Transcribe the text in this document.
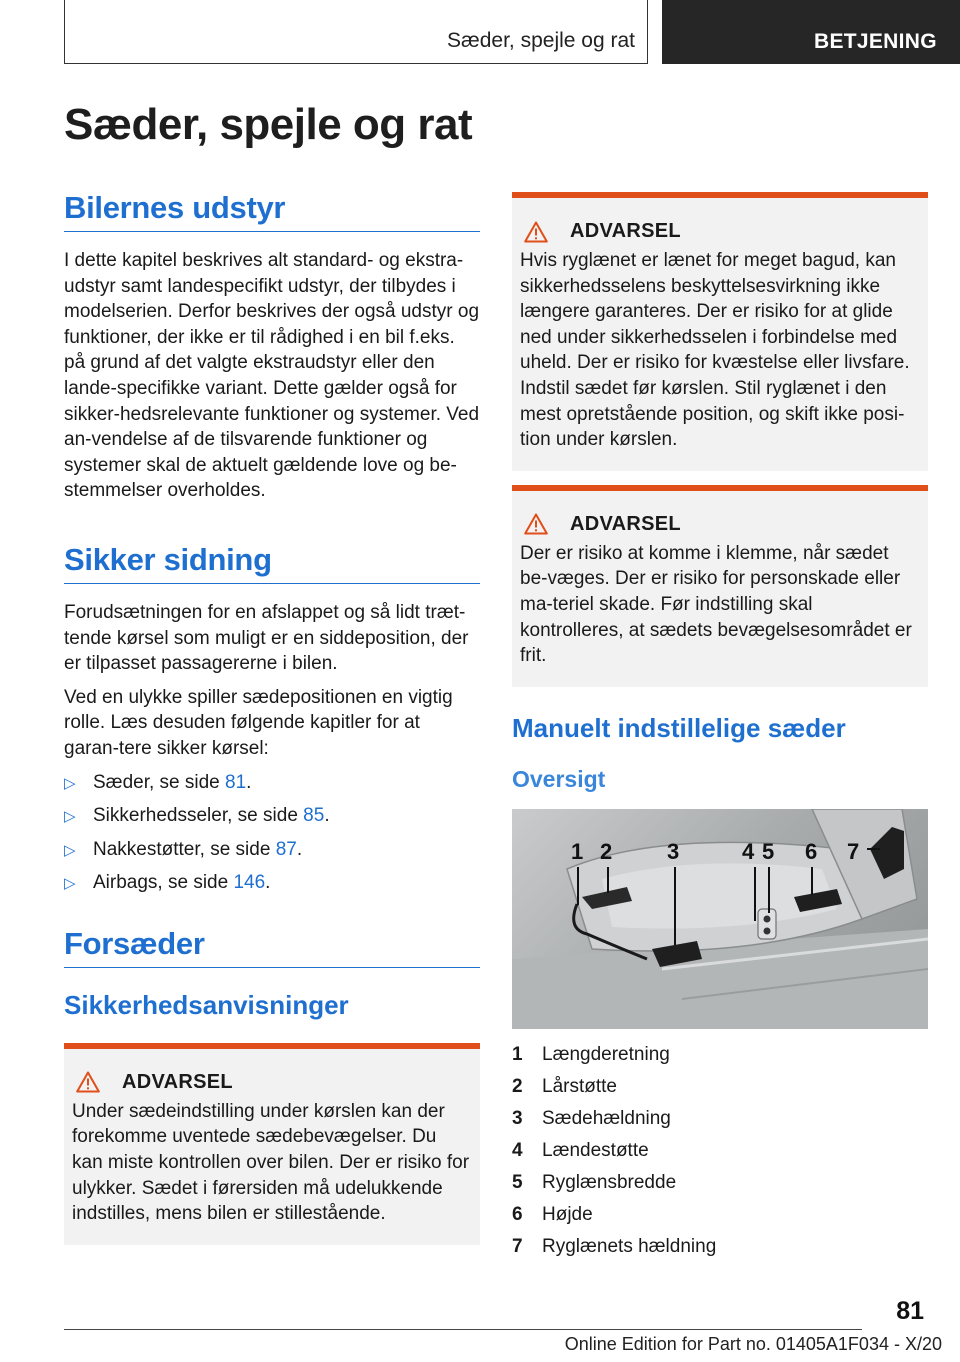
Sæder, spejle og rat	BETJENING
Sæder, spejle og rat
Bilernes udstyr

I dette kapitel beskrives alt standard- og ekstra-udstyr samt landespecifikt udstyr, der tilbydes i modelserien. Derfor beskrives der også udstyr og funktioner, der ikke er til rådighed i en bil f.eks. på grund af det valgte ekstraudstyr eller den lande-specifikke variant. Dette gælder også for sikker-hedsrelevante funktioner og systemer. Ved an-vendelse af de tilsvarende funktioner og systemer skal de aktuelt gældende love og be-stemmelser overholdes.

Sikker sidning

Forudsætningen for en afslappet og så lidt træt-tende kørsel som muligt er en siddeposition, der er tilpasset passagererne i bilen.

Ved en ulykke spiller sædepositionen en vigtig rolle. Læs desuden følgende kapitler for at garan-tere sikker kørsel:

▷ Sæder, se side 81.
▷ Sikkerhedsseler, se side 85.
▷ Nakkestøtter, se side 87.
▷ Airbags, se side 146.
Forsæder
Sikkerhedsanvisninger
ADVARSEL

Under sædeindstilling under kørslen kan der forekomme uventede sædebevægelser. Du kan miste kontrollen over bilen. Der er risiko for ulykker. Sædet i førersiden må udelukkende indstilles, mens bilen er stillestående.

ADVARSEL

Hvis ryglænet er lænet for meget bagud, kan sikkerhedsselens beskyttelsesvirkning ikke længere garanteres. Der er risiko for at glide ned under sikkerhedsselen i forbindelse med uheld. Der er risiko for kvæstelse eller livsfare. Indstil sædet før kørslen. Stil ryglænet i den mest opretstående position, og skift ikke posi-tion under kørslen.

ADVARSEL

Der er risiko at komme i klemme, når sædet be-væges. Der er risiko for personskade eller ma-teriel skade. Før indstilling skal kontrolleres, at sædets bevægelsesområdet er frit.

Manuelt indstillelige sæder
Oversigt
1 2 3	4 5 6 7
1	Længderetning
2	Lårstøtte
3	Sædehældning
4	Lændestøtte
5	Ryglænsbredde
6	Højde
7	Ryglænets hældning
81
Online Edition for Part no. 01405A1F034 - X/20
